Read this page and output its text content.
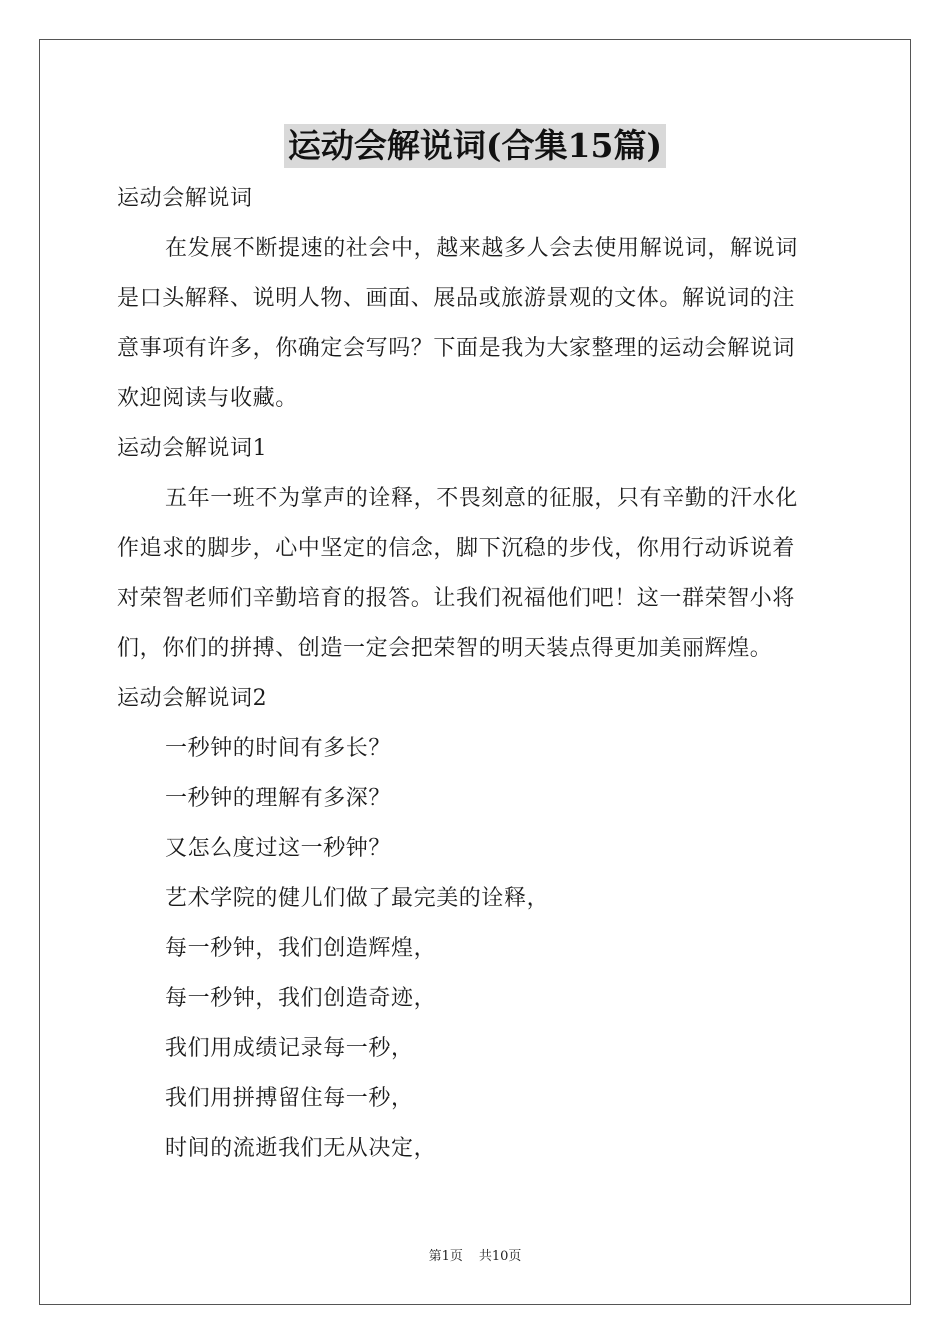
运动会解说词(合集15篇)
运动会解说词
在发展不断提速的社会中，越来越多人会去使用解说词，解说词
是口头解释、说明人物、画面、展品或旅游景观的文体。解说词的注
意事项有许多，你确定会写吗？下面是我为大家整理的运动会解说词
欢迎阅读与收藏。
运动会解说词1
五年一班不为掌声的诠释，不畏刻意的征服，只有辛勤的汗水化
作追求的脚步，心中坚定的信念，脚下沉稳的步伐，你用行动诉说着
对荣智老师们辛勤培育的报答。让我们祝福他们吧！这一群荣智小将
们，你们的拼搏、创造一定会把荣智的明天装点得更加美丽辉煌。
运动会解说词2
一秒钟的时间有多长？
一秒钟的理解有多深？
又怎么度过这一秒钟？
艺术学院的健儿们做了最完美的诠释，
每一秒钟，我们创造辉煌，
每一秒钟，我们创造奇迹，
我们用成绩记录每一秒，
我们用拼搏留住每一秒，
时间的流逝我们无从决定，
第1页 共10页
